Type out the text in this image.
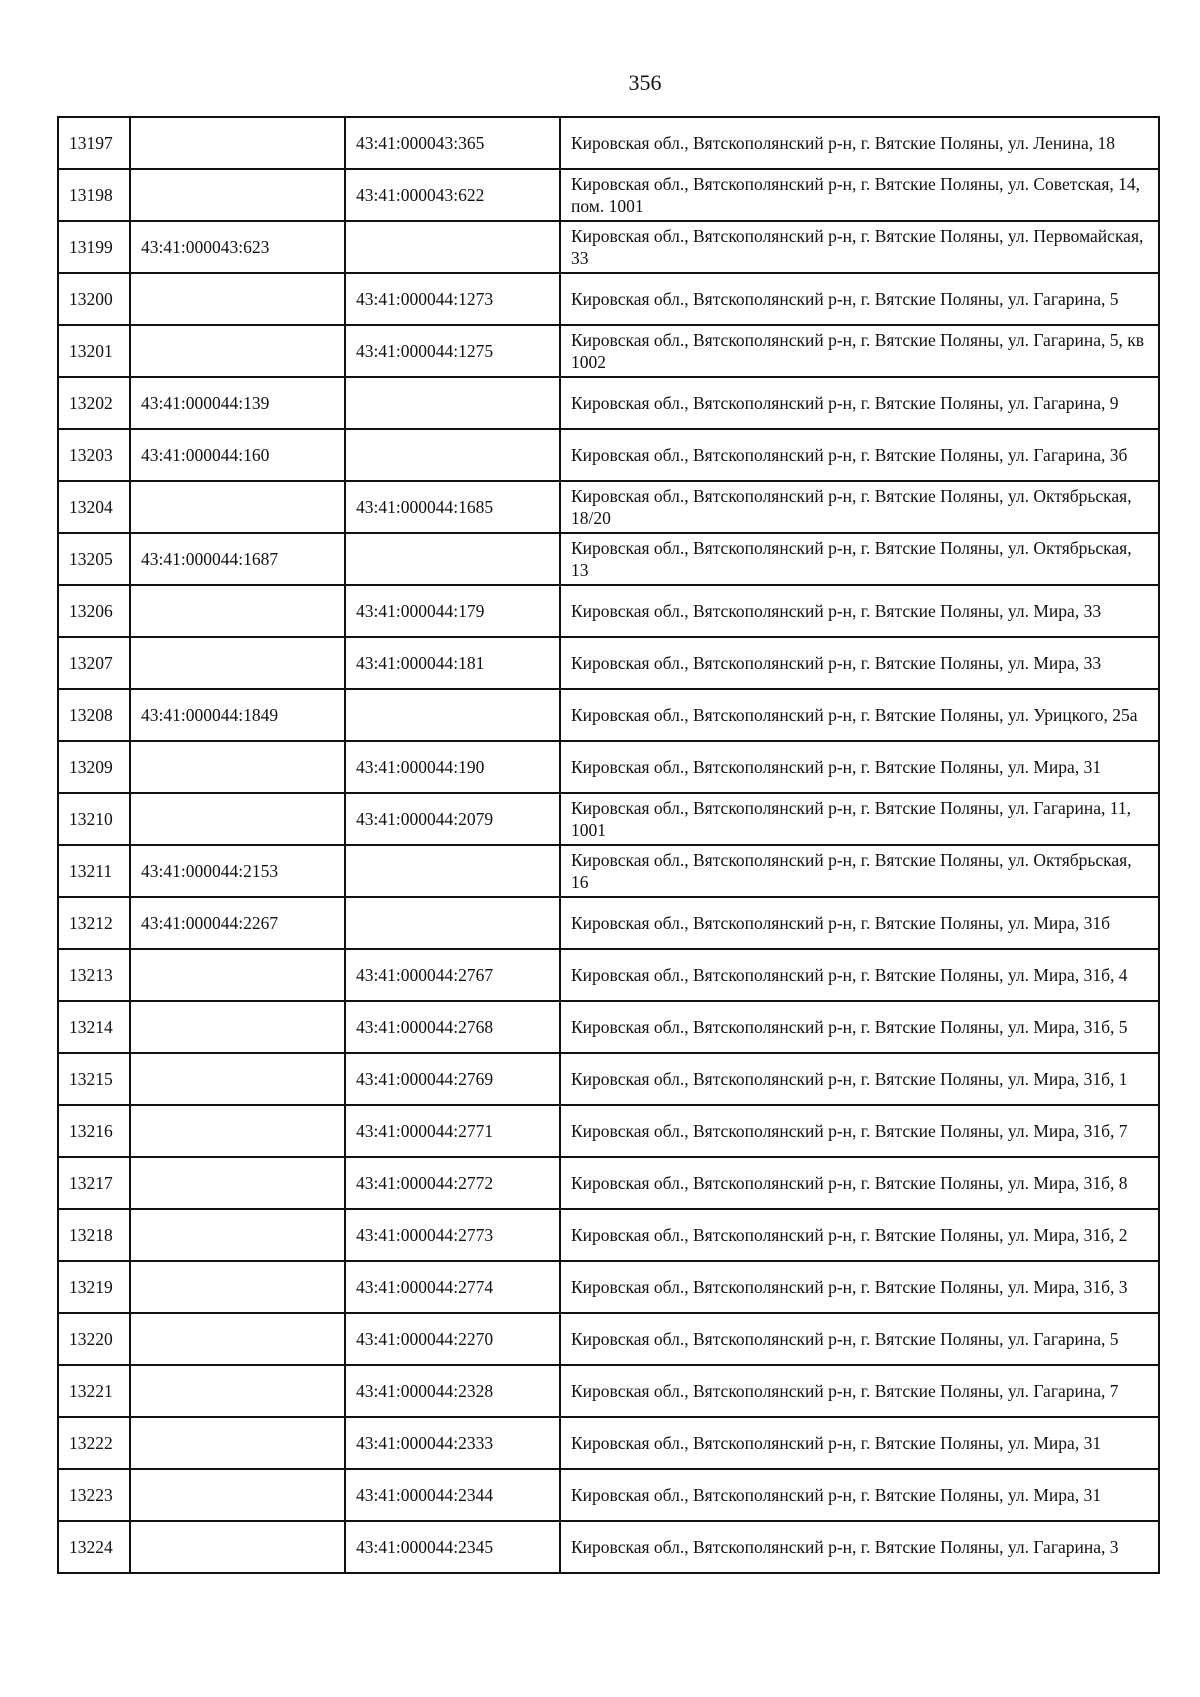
356
13197		43:41:000043:365	Кировская обл., Вятскополянский р-н, г. Вятские Поляны, ул. Ленина, 18
13198		43:41:000043:622	Кировская обл., Вятскополянский р-н, г. Вятские Поляны, ул. Советская, 14, пом. 1001
13199	43:41:000043:623		Кировская обл., Вятскополянский р-н, г. Вятские Поляны, ул. Первомайская, 33
13200		43:41:000044:1273	Кировская обл., Вятскополянский р-н, г. Вятские Поляны, ул. Гагарина, 5
13201		43:41:000044:1275	Кировская обл., Вятскополянский р-н, г. Вятские Поляны, ул. Гагарина, 5, кв 1002
13202	43:41:000044:139		Кировская обл., Вятскополянский р-н, г. Вятские Поляны, ул. Гагарина, 9
13203	43:41:000044:160		Кировская обл., Вятскополянский р-н, г. Вятские Поляны, ул. Гагарина, 3б
13204		43:41:000044:1685	Кировская обл., Вятскополянский р-н, г. Вятские Поляны, ул. Октябрьская, 18/20
13205	43:41:000044:1687		Кировская обл., Вятскополянский р-н, г. Вятские Поляны, ул. Октябрьская, 13
13206		43:41:000044:179	Кировская обл., Вятскополянский р-н, г. Вятские Поляны, ул. Мира, 33
13207		43:41:000044:181	Кировская обл., Вятскополянский р-н, г. Вятские Поляны, ул. Мира, 33
13208	43:41:000044:1849		Кировская обл., Вятскополянский р-н, г. Вятские Поляны, ул. Урицкого, 25а
13209		43:41:000044:190	Кировская обл., Вятскополянский р-н, г. Вятские Поляны, ул. Мира, 31
13210		43:41:000044:2079	Кировская обл., Вятскополянский р-н, г. Вятские Поляны, ул. Гагарина, 11, 1001
13211	43:41:000044:2153		Кировская обл., Вятскополянский р-н, г. Вятские Поляны, ул. Октябрьская, 16
13212	43:41:000044:2267		Кировская обл., Вятскополянский р-н, г. Вятские Поляны, ул. Мира, 31б
13213		43:41:000044:2767	Кировская обл., Вятскополянский р-н, г. Вятские Поляны, ул. Мира, 31б, 4
13214		43:41:000044:2768	Кировская обл., Вятскополянский р-н, г. Вятские Поляны, ул. Мира, 31б, 5
13215		43:41:000044:2769	Кировская обл., Вятскополянский р-н, г. Вятские Поляны, ул. Мира, 31б, 1
13216		43:41:000044:2771	Кировская обл., Вятскополянский р-н, г. Вятские Поляны, ул. Мира, 31б, 7
13217		43:41:000044:2772	Кировская обл., Вятскополянский р-н, г. Вятские Поляны, ул. Мира, 31б, 8
13218		43:41:000044:2773	Кировская обл., Вятскополянский р-н, г. Вятские Поляны, ул. Мира, 31б, 2
13219		43:41:000044:2774	Кировская обл., Вятскополянский р-н, г. Вятские Поляны, ул. Мира, 31б, 3
13220		43:41:000044:2270	Кировская обл., Вятскополянский р-н, г. Вятские Поляны, ул. Гагарина, 5
13221		43:41:000044:2328	Кировская обл., Вятскополянский р-н, г. Вятские Поляны, ул. Гагарина, 7
13222		43:41:000044:2333	Кировская обл., Вятскополянский р-н, г. Вятские Поляны, ул. Мира, 31
13223		43:41:000044:2344	Кировская обл., Вятскополянский р-н, г. Вятские Поляны, ул. Мира, 31
13224		43:41:000044:2345	Кировская обл., Вятскополянский р-н, г. Вятские Поляны, ул. Гагарина, 3
